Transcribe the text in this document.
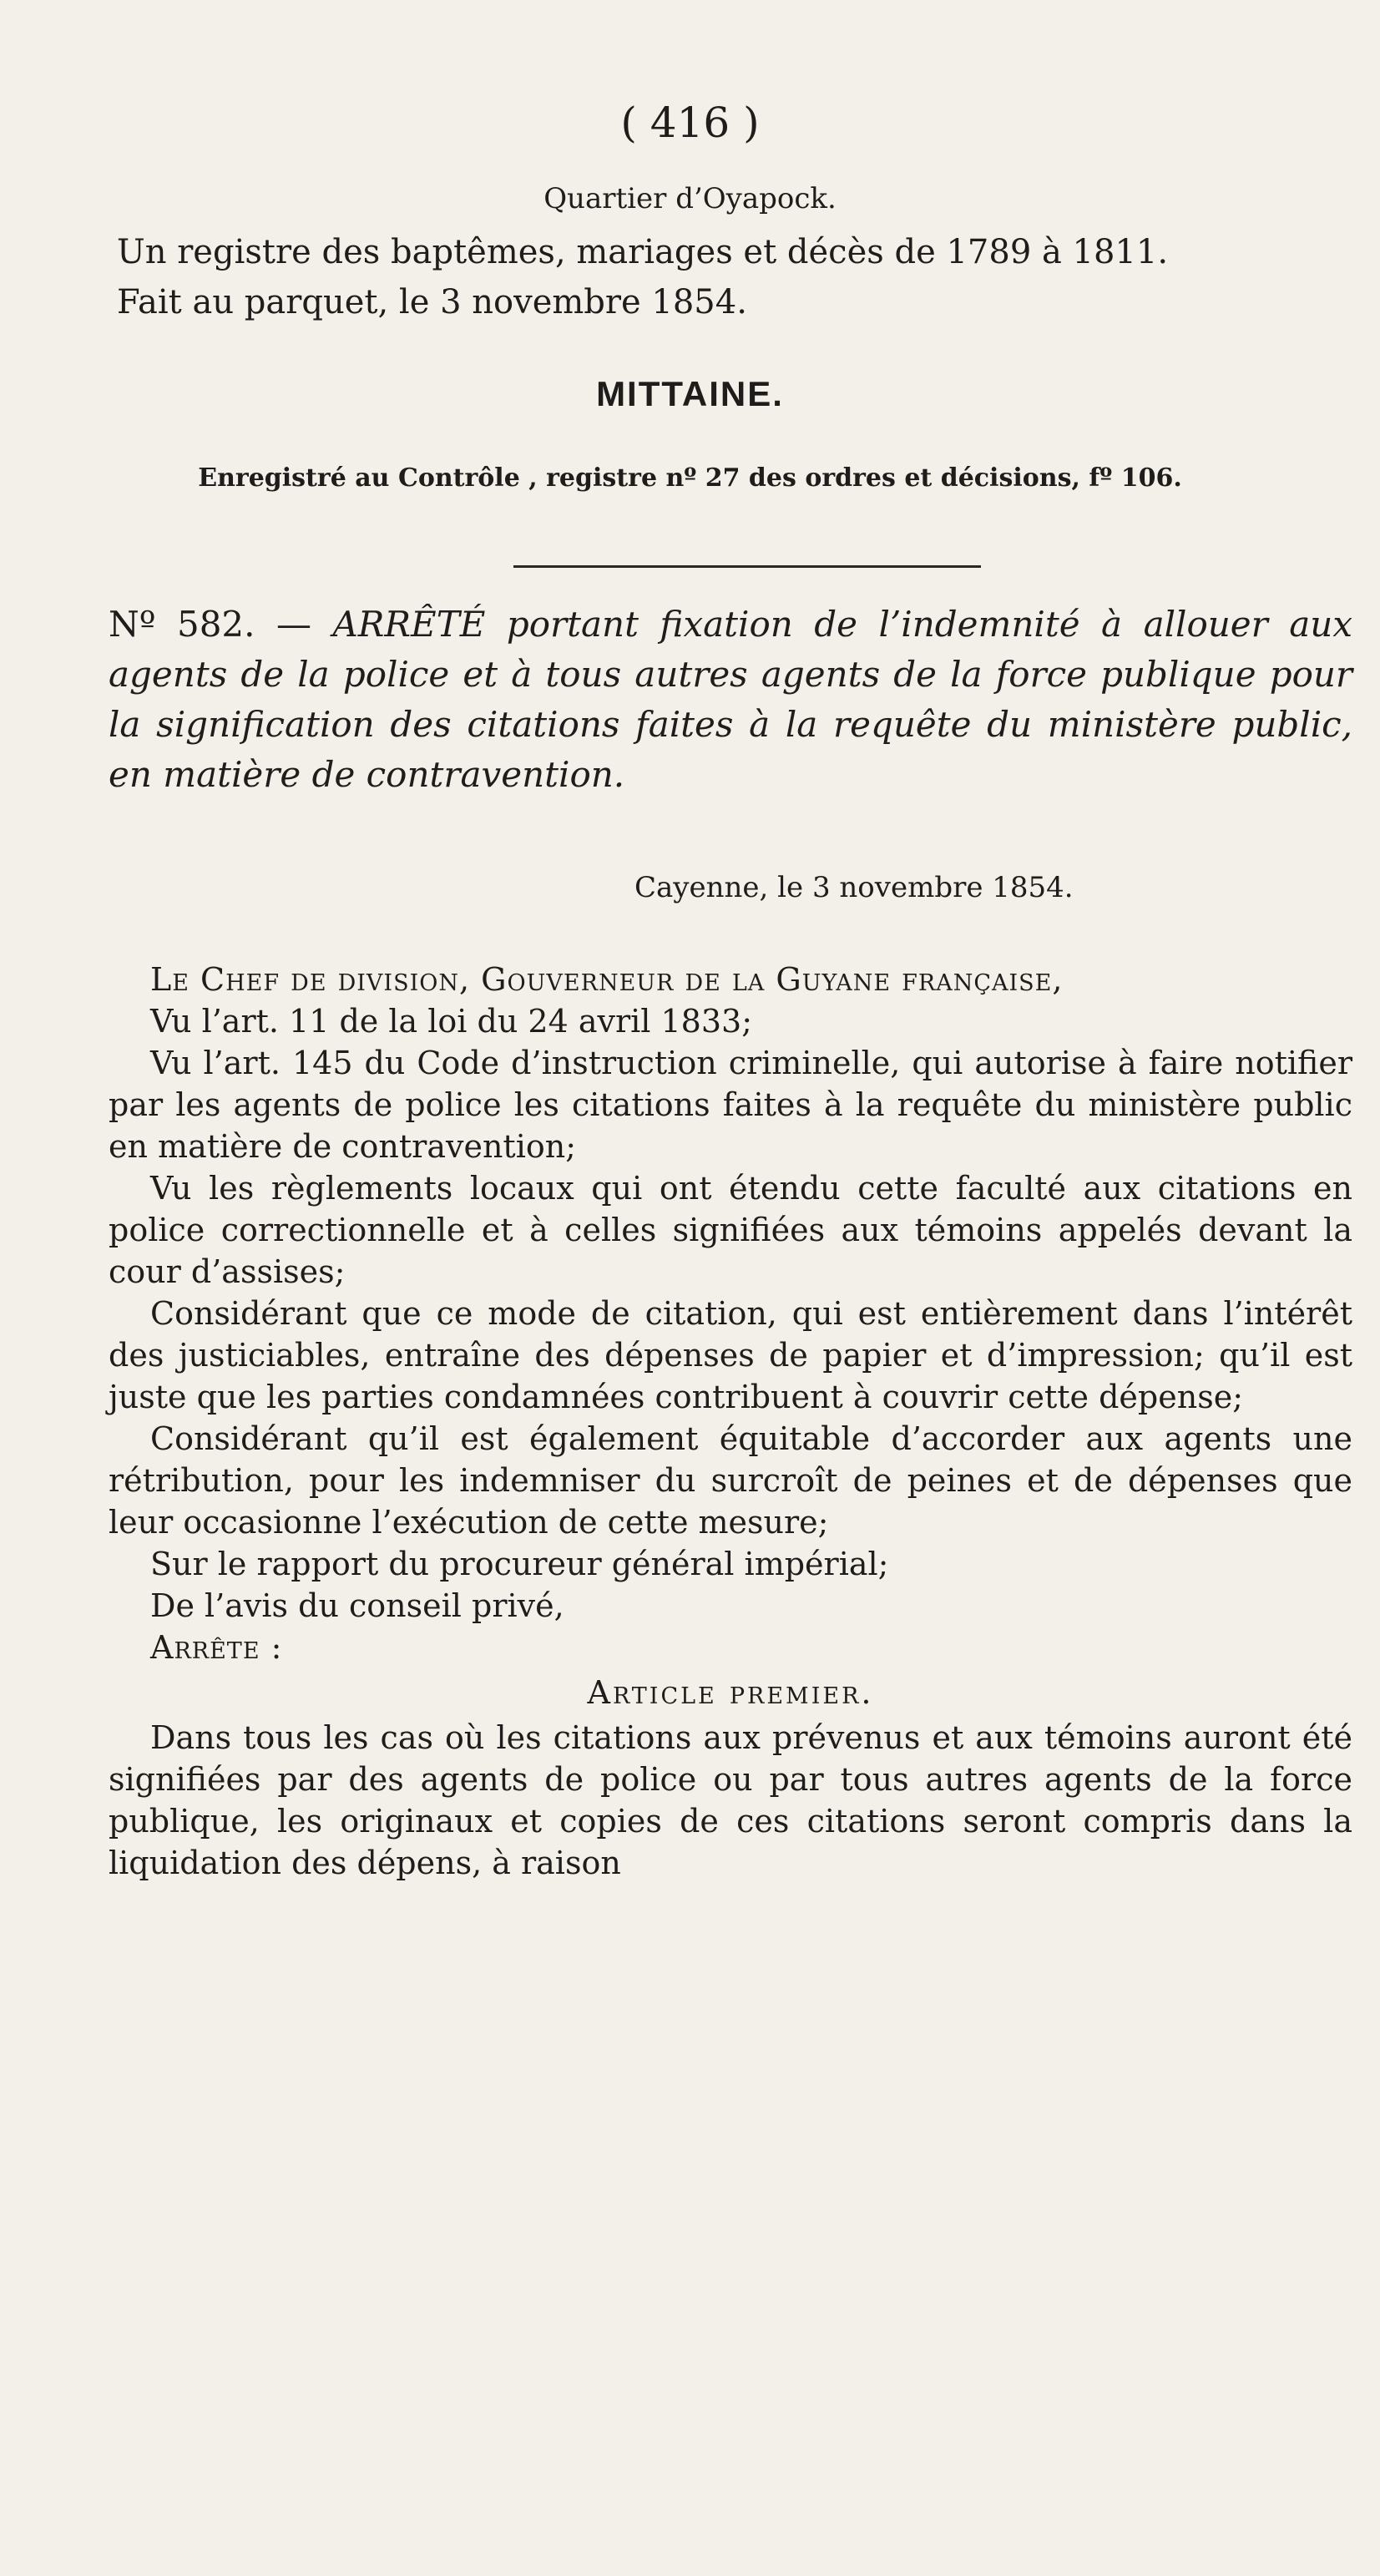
( 416 )
Quartier d’Oyapock.
Un registre des baptêmes, mariages et décès de 1789 à 1811.
Fait au parquet, le 3 novembre 1854.
MITTAINE.
Enregistré au Contrôle , registre nº 27 des ordres et décisions, fº 106.
Nº 582. — ARRÊTÉ portant fixation de l’indemnité à allouer aux agents de la police et à tous autres agents de la force publique pour la signification des citations faites à la requête du ministère public, en matière de contravention.
Cayenne, le 3 novembre 1854.

Le Chef de division, Gouverneur de la Guyane française,

Vu l’art. 11 de la loi du 24 avril 1833;

Vu l’art. 145 du Code d’instruction criminelle, qui autorise à faire notifier par les agents de police les citations faites à la requête du ministère public en matière de contravention;

Vu les règlements locaux qui ont étendu cette faculté aux citations en police correctionnelle et à celles signifiées aux témoins appelés devant la cour d’assises;

Considérant que ce mode de citation, qui est entièrement dans l’intérêt des justiciables, entraîne des dépenses de papier et d’impression; qu’il est juste que les parties condamnées contribuent à couvrir cette dépense;

Considérant qu’il est également équitable d’accorder aux agents une rétribution, pour les indemniser du surcroît de peines et de dépenses que leur occasionne l’exécution de cette mesure;

Sur le rapport du procureur général impérial;

De l’avis du conseil privé,

Arrête :

Article premier.

Dans tous les cas où les citations aux prévenus et aux témoins auront été signifiées par des agents de police ou par tous autres agents de la force publique, les originaux et copies de ces citations seront compris dans la liquidation des dépens, à raison
